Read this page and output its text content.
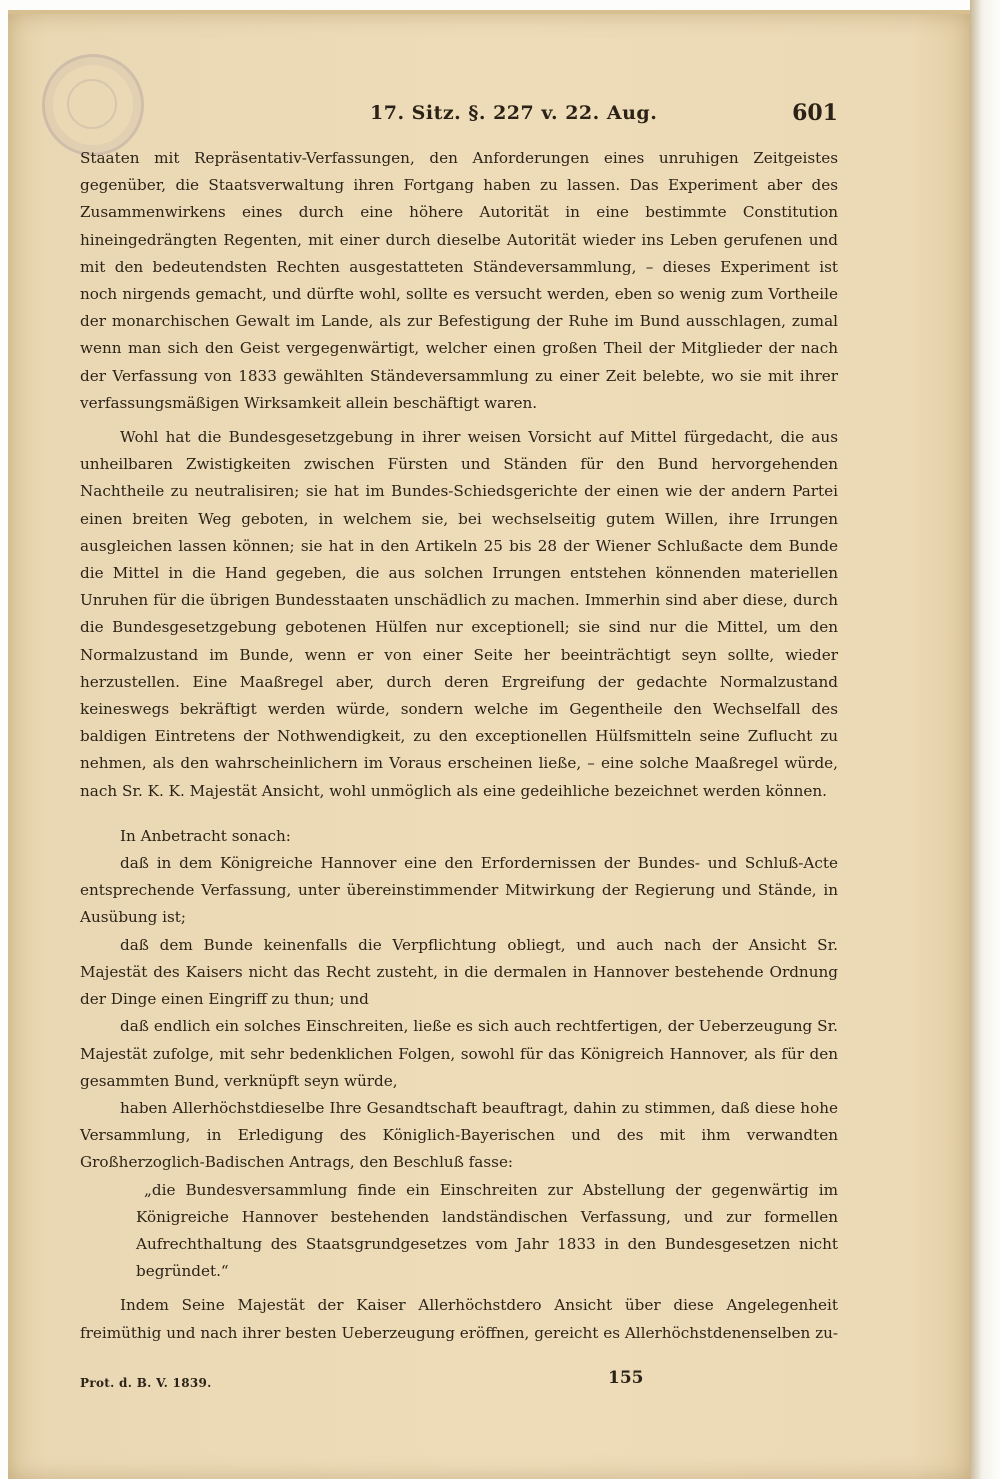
17. Sitz. §. 227 v. 22. Aug.	601

Staaten mit Repräsentativ-Verfassungen, den Anforderungen eines unruhigen Zeitgeistes gegenüber, die Staatsverwaltung ihren Fortgang haben zu lassen. Das Experiment aber des Zusammenwirkens eines durch eine höhere Autorität in eine bestimmte Constitution hineingedrängten Regenten, mit einer durch dieselbe Autorität wieder ins Leben gerufenen und mit den bedeutendsten Rechten ausgestatteten Ständeversammlung, – dieses Experiment ist noch nirgends gemacht, und dürfte wohl, sollte es versucht werden, eben so wenig zum Vortheile der monarchischen Gewalt im Lande, als zur Befestigung der Ruhe im Bund ausschlagen, zumal wenn man sich den Geist vergegenwärtigt, welcher einen großen Theil der Mitglieder der nach der Verfassung von 1833 gewählten Ständeversammlung zu einer Zeit belebte, wo sie mit ihrer verfassungsmäßigen Wirksamkeit allein beschäftigt waren.

Wohl hat die Bundesgesetzgebung in ihrer weisen Vorsicht auf Mittel fürgedacht, die aus unheilbaren Zwistigkeiten zwischen Fürsten und Ständen für den Bund hervorgehenden Nachtheile zu neutralisiren; sie hat im Bundes-Schiedsgerichte der einen wie der andern Partei einen breiten Weg geboten, in welchem sie, bei wechselseitig gutem Willen, ihre Irrungen ausgleichen lassen können; sie hat in den Artikeln 25 bis 28 der Wiener Schlußacte dem Bunde die Mittel in die Hand gegeben, die aus solchen Irrungen entstehen könnenden materiellen Unruhen für die übrigen Bundesstaaten unschädlich zu machen. Immerhin sind aber diese, durch die Bundesgesetzgebung gebotenen Hülfen nur exceptionell; sie sind nur die Mittel, um den Normalzustand im Bunde, wenn er von einer Seite her beeinträchtigt seyn sollte, wieder herzustellen. Eine Maaßregel aber, durch deren Ergreifung der gedachte Normalzustand keineswegs bekräftigt werden würde, sondern welche im Gegentheile den Wechselfall des baldigen Eintretens der Nothwendigkeit, zu den exceptionellen Hülfsmitteln seine Zuflucht zu nehmen, als den wahrscheinlichern im Voraus erscheinen ließe, – eine solche Maaßregel würde, nach Sr. K. K. Majestät Ansicht, wohl unmöglich als eine gedeihliche bezeichnet werden können.

In Anbetracht sonach:

daß in dem Königreiche Hannover eine den Erfordernissen der Bundes- und Schluß-Acte entsprechende Verfassung, unter übereinstimmender Mitwirkung der Regierung und Stände, in Ausübung ist;

daß dem Bunde keinenfalls die Verpflichtung obliegt, und auch nach der Ansicht Sr. Majestät des Kaisers nicht das Recht zusteht, in die dermalen in Hannover bestehende Ordnung der Dinge einen Eingriff zu thun; und

daß endlich ein solches Einschreiten, ließe es sich auch rechtfertigen, der Ueberzeugung Sr. Majestät zufolge, mit sehr bedenklichen Folgen, sowohl für das Königreich Hannover, als für den gesammten Bund, verknüpft seyn würde,

haben Allerhöchstdieselbe Ihre Gesandtschaft beauftragt, dahin zu stimmen, daß diese hohe Versammlung, in Erledigung des Königlich-Bayerischen und des mit ihm verwandten Großherzoglich-Badischen Antrags, den Beschluß fasse:

„die Bundesversammlung finde ein Einschreiten zur Abstellung der gegenwärtig im Königreiche Hannover bestehenden landständischen Verfassung, und zur formellen Aufrechthaltung des Staatsgrundgesetzes vom Jahr 1833 in den Bundesgesetzen nicht begründet.“

Indem Seine Majestät der Kaiser Allerhöchstdero Ansicht über diese Angelegenheit freimüthig und nach ihrer besten Ueberzeugung eröffnen, gereicht es Allerhöchstdenenselben zu-

Prot. d. B. V. 1839.	155
